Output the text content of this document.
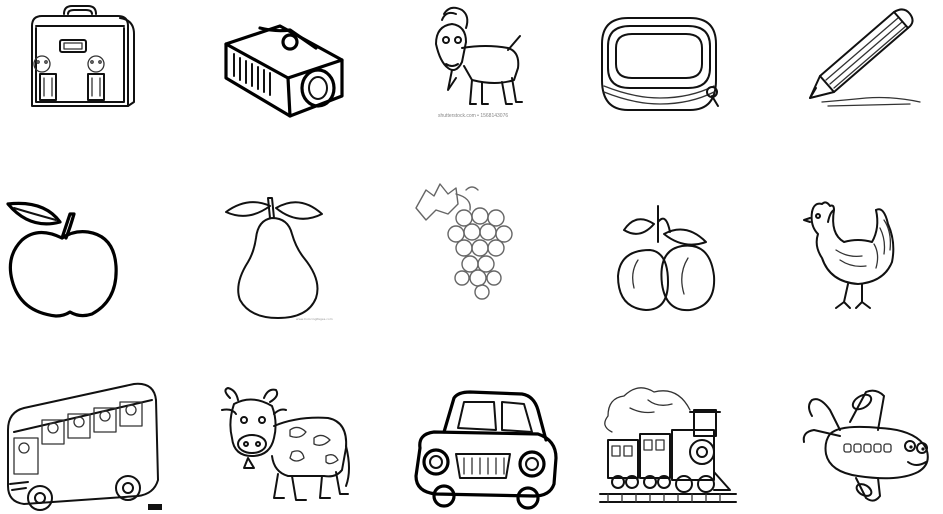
shutterstock.com • 1568143076
www.ColoringPages.com
